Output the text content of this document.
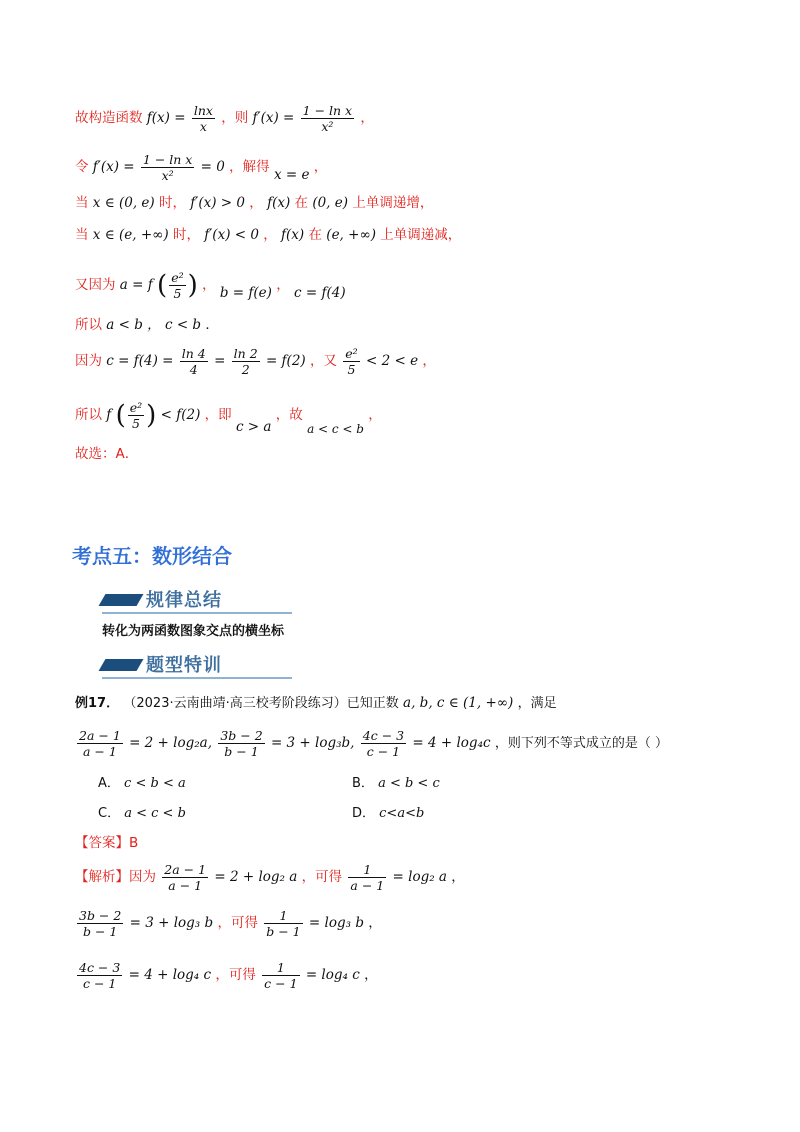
故构造函数 $f(x) = \frac{\ln x}{x}$ ，则 $f'(x) = \frac{\text{1 − ln x}}{\text{x²}}$ ，
令 $f'(x) = \frac{\text{1 − ln x}}{\text{x²}} = 0$ ，解得 x = e ，
当 x ∈ (0, e) 时， f′(x) > 0 ， f(x) 在 (0, e) 上单调递增，
当 x ∈ (e, +∞) 时， f′(x) < 0 ， f(x) 在 (e, +∞) 上单调递减，
又因为 a = f ( $\frac{\text{e²}}{5}$ ) ， b = f(e) ， c = f(4)
所以 a < b ， c < b ．
因为 $c = f(4) = \frac{\ln 4}{4} = \frac{\ln 2}{2} = f(2)$ ，又 $\frac{\text{e²}}{5} < 2 < e$ ，
所以 f ( $\frac{\text{e²}}{5}$ ) < f(2) ，即 c > a ，故 a < c < b ，
故选：A．
考点五：数形结合
规律总结
转化为两函数图象交点的横坐标
题型特训
例17． （2023·云南曲靖·高三校考阶段练习）已知正数 a, b, c ∈ (1, +∞) ，满足
$\frac{2a - 1}{a - 1} = 2 + \log_2a$, $\frac{3b - 2}{b - 1} = 3 + \log_3b$, $\frac{4c - 3}{c - 1} = 4 + \log_4c$ ，则下列不等式成立的是（ ）
A． c < b < a	B． a < b < c
C． a < c < b	D． c<a<b
【答案】B
【解析】因为 $\frac{2a - 1}{a - 1} = 2 + \log_2$ a ，可得 $\frac{1}{a - 1} = \log_2$ a ，
$\frac{3b - 2}{b - 1} = 3 + \log_3$ b ，可得 $\frac{1}{b - 1} = \log_3$ b ，
$\frac{4c - 3}{c - 1} = 4 + \log_4$ c ，可得 $\frac{1}{c - 1} = \log_4$ c ，
